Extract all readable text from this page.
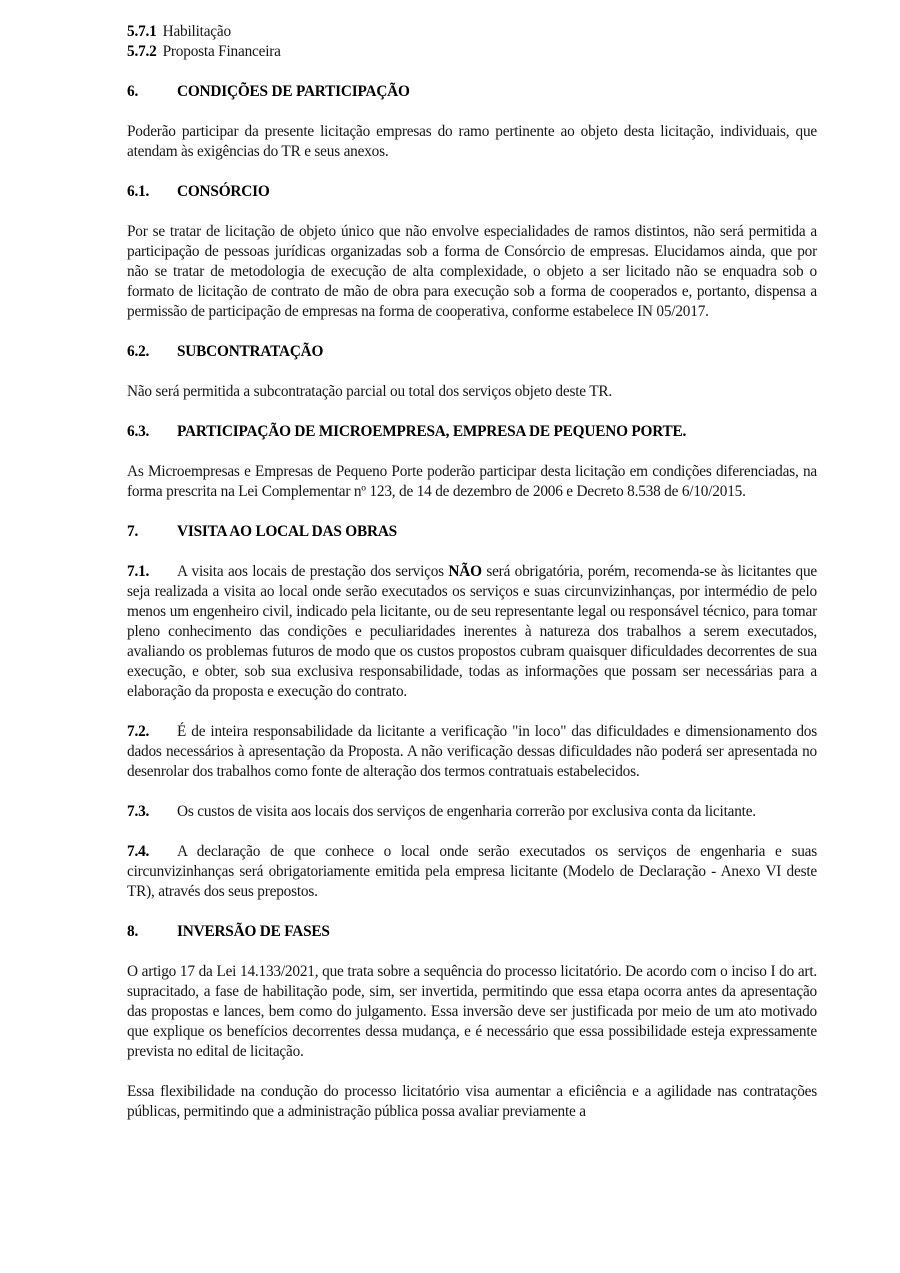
5.7.1 Habilitação
5.7.2 Proposta Financeira
6.	CONDIÇÕES DE PARTICIPAÇÃO

Poderão participar da presente licitação empresas do ramo pertinente ao objeto desta licitação, individuais, que atendam às exigências do TR e seus anexos.

6.1. CONSÓRCIO

Por se tratar de licitação de objeto único que não envolve especialidades de ramos distintos, não será permitida a participação de pessoas jurídicas organizadas sob a forma de Consórcio de empresas. Elucidamos ainda, que por não se tratar de metodologia de execução de alta complexidade, o objeto a ser licitado não se enquadra sob o formato de licitação de contrato de mão de obra para execução sob a forma de cooperados e, portanto, dispensa a permissão de participação de empresas na forma de cooperativa, conforme estabelece IN 05/2017.

6.2. SUBCONTRATAÇÃO

Não será permitida a subcontratação parcial ou total dos serviços objeto deste TR.

6.3. PARTICIPAÇÃO DE MICROEMPRESA, EMPRESA DE PEQUENO PORTE.

As Microempresas e Empresas de Pequeno Porte poderão participar desta licitação em condições diferenciadas, na forma prescrita na Lei Complementar nº 123, de 14 de dezembro de 2006 e Decreto 8.538 de 6/10/2015.

7.	VISITA AO LOCAL DAS OBRAS

7.1. A visita aos locais de prestação dos serviços NÃO será obrigatória, porém, recomenda-se às licitantes que seja realizada a visita ao local onde serão executados os serviços e suas circunvizinhanças, por intermédio de pelo menos um engenheiro civil, indicado pela licitante, ou de seu representante legal ou responsável técnico, para tomar pleno conhecimento das condições e peculiaridades inerentes à natureza dos trabalhos a serem executados, avaliando os problemas futuros de modo que os custos propostos cubram quaisquer dificuldades decorrentes de sua execução, e obter, sob sua exclusiva responsabilidade, todas as informações que possam ser necessárias para a elaboração da proposta e execução do contrato.

7.2. É de inteira responsabilidade da licitante a verificação "in loco" das dificuldades e dimensionamento dos dados necessários à apresentação da Proposta. A não verificação dessas dificuldades não poderá ser apresentada no desenrolar dos trabalhos como fonte de alteração dos termos contratuais estabelecidos.

7.3. Os custos de visita aos locais dos serviços de engenharia correrão por exclusiva conta da licitante.

7.4. A declaração de que conhece o local onde serão executados os serviços de engenharia e suas circunvizinhanças será obrigatoriamente emitida pela empresa licitante (Modelo de Declaração - Anexo VI deste TR), através dos seus prepostos.

8.	INVERSÃO DE FASES

O artigo 17 da Lei 14.133/2021, que trata sobre a sequência do processo licitatório. De acordo com o inciso I do art. supracitado, a fase de habilitação pode, sim, ser invertida, permitindo que essa etapa ocorra antes da apresentação das propostas e lances, bem como do julgamento. Essa inversão deve ser justificada por meio de um ato motivado que explique os benefícios decorrentes dessa mudança, e é necessário que essa possibilidade esteja expressamente prevista no edital de licitação.

Essa flexibilidade na condução do processo licitatório visa aumentar a eficiência e a agilidade nas contratações públicas, permitindo que a administração pública possa avaliar previamente a
